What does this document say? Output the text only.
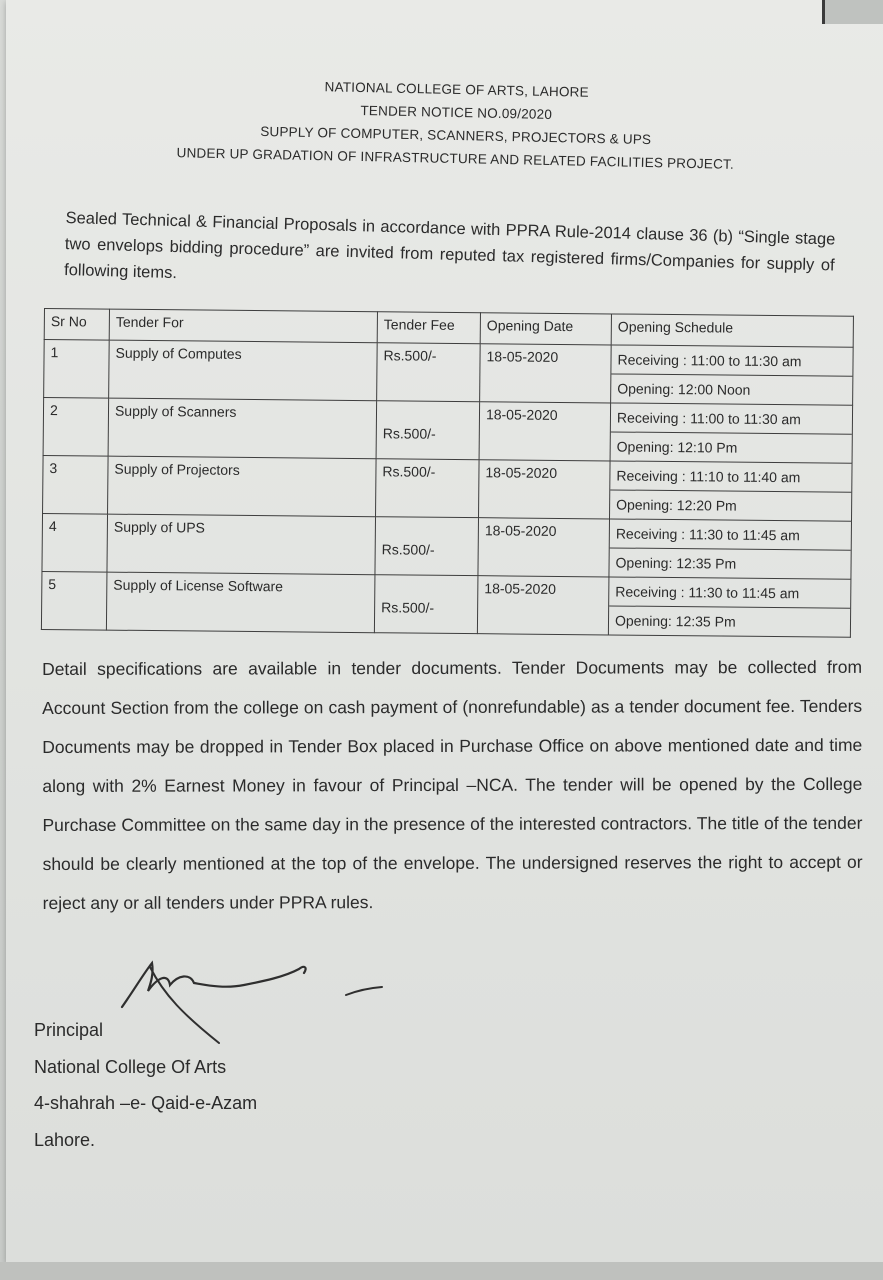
NATIONAL COLLEGE OF ARTS, LAHORE
TENDER NOTICE NO.09/2020
SUPPLY OF COMPUTER, SCANNERS, PROJECTORS & UPS
UNDER UP GRADATION OF INFRASTRUCTURE AND RELATED FACILITIES PROJECT.

Sealed Technical & Financial Proposals in accordance with PPRA Rule-2014 clause 36 (b) “Single stage two envelops bidding procedure” are invited from reputed tax registered firms/Companies for supply of following items.

Sr No	Tender For	Tender Fee	Opening Date	Opening Schedule
1	Supply of Computes	Rs.500/-	18-05-2020	Receiving : 11:00 to 11:30 am
Opening: 12:00 Noon

2	Supply of Scanners	Rs.500/-	18-05-2020	Receiving : 11:00 to 11:30 am
Opening: 12:10 Pm

3	Supply of Projectors	Rs.500/-	18-05-2020	Receiving : 11:10 to 11:40 am
Opening: 12:20 Pm

4	Supply of UPS	Rs.500/-	18-05-2020	Receiving : 11:30 to 11:45 am
Opening: 12:35 Pm

5	Supply of License Software	Rs.500/-	18-05-2020	Receiving : 11:30 to 11:45 am
Opening: 12:35 Pm

Detail specifications are available in tender documents. Tender Documents may be collected from Account Section from the college on cash payment of (nonrefundable) as a tender document fee. Tenders Documents may be dropped in Tender Box placed in Purchase Office on above mentioned date and time along with 2% Earnest Money in favour of Principal –NCA. The tender will be opened by the College Purchase Committee on the same day in the presence of the interested contractors. The title of the tender should be clearly mentioned at the top of the envelope. The undersigned reserves the right to accept or reject any or all tenders under PPRA rules.

Principal
National College Of Arts
4-shahrah –e- Qaid-e-Azam
Lahore.
